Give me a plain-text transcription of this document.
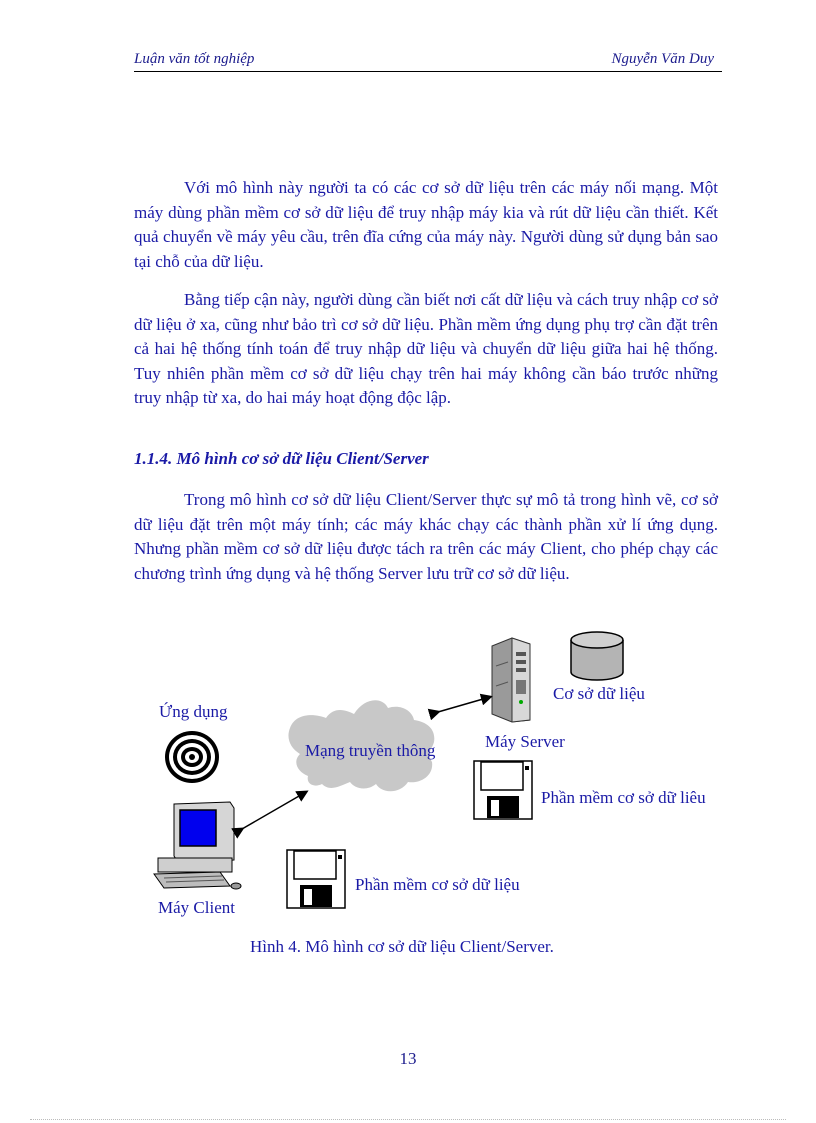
Luận văn tốt nghiệp	Nguyễn Văn Duy

Với mô hình này người ta có các cơ sở dữ liệu trên các máy nối mạng. Một máy dùng phần mềm cơ sở dữ liệu để truy nhập máy kia và rút dữ liệu cần thiết. Kết quả chuyển về máy yêu cầu, trên đĩa cứng của máy này. Người dùng sử dụng bản sao tại chỗ của dữ liệu.

Bằng tiếp cận này, người dùng cần biết nơi cất dữ liệu và cách truy nhập cơ sở dữ liệu ở xa, cũng như bảo trì cơ sở dữ liệu. Phần mềm ứng dụng phụ trợ cần đặt trên cả hai hệ thống tính toán để truy nhập dữ liệu và chuyển dữ liệu giữa hai hệ thống. Tuy nhiên phần mềm cơ sở dữ liệu chạy trên hai máy không cần báo trước những truy nhập từ xa, do hai máy hoạt động độc lập.

1.1.4. Mô hình cơ sở dữ liệu Client/Server

Trong mô hình cơ sở dữ liệu Client/Server thực sự mô tả trong hình vẽ, cơ sở dữ liệu đặt trên một máy tính; các máy khác chạy các thành phần xử lí ứng dụng. Nhưng phần mềm cơ sở dữ liệu được tách ra trên các máy Client, cho phép chạy các chương trình ứng dụng và hệ thống Server lưu trữ cơ sở dữ liệu.

Mạng truyền thông
Ứng dụng
Máy Server
Cơ sở dữ liệu
Phần mềm cơ sở dữ liêu
Phần mềm cơ sở dữ liệu
Máy Client
Hình 4. Mô hình cơ sở dữ liệu Client/Server.
13
